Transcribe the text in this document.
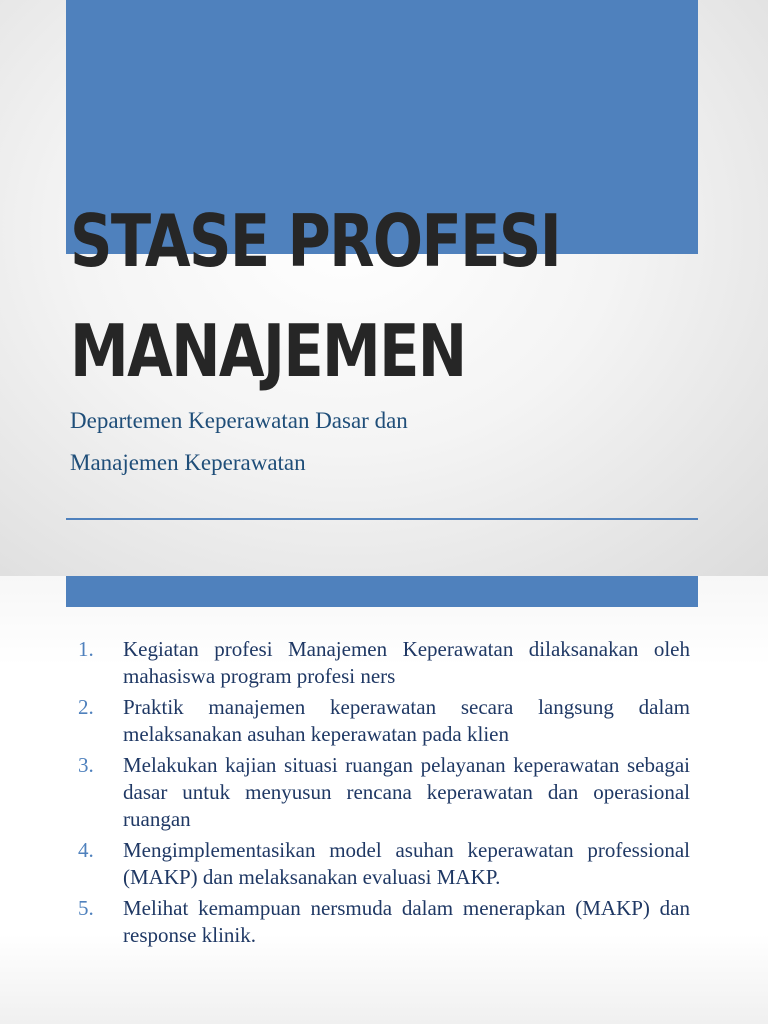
STASE PROFESI
MANAJEMEN

Departemen Keperawatan Dasar dan
Manajemen Keperawatan

1. Kegiatan profesi Manajemen Keperawatan dilaksanakan oleh mahasiswa program profesi ners
2. Praktik manajemen keperawatan secara langsung dalam melaksanakan asuhan keperawatan pada klien
3. Melakukan kajian situasi ruangan pelayanan keperawatan sebagai dasar untuk menyusun rencana keperawatan dan operasional ruangan
4. Mengimplementasikan model asuhan keperawatan professional (MAKP) dan melaksanakan evaluasi MAKP.
5. Melihat kemampuan nersmuda dalam menerapkan (MAKP) dan response klinik.
